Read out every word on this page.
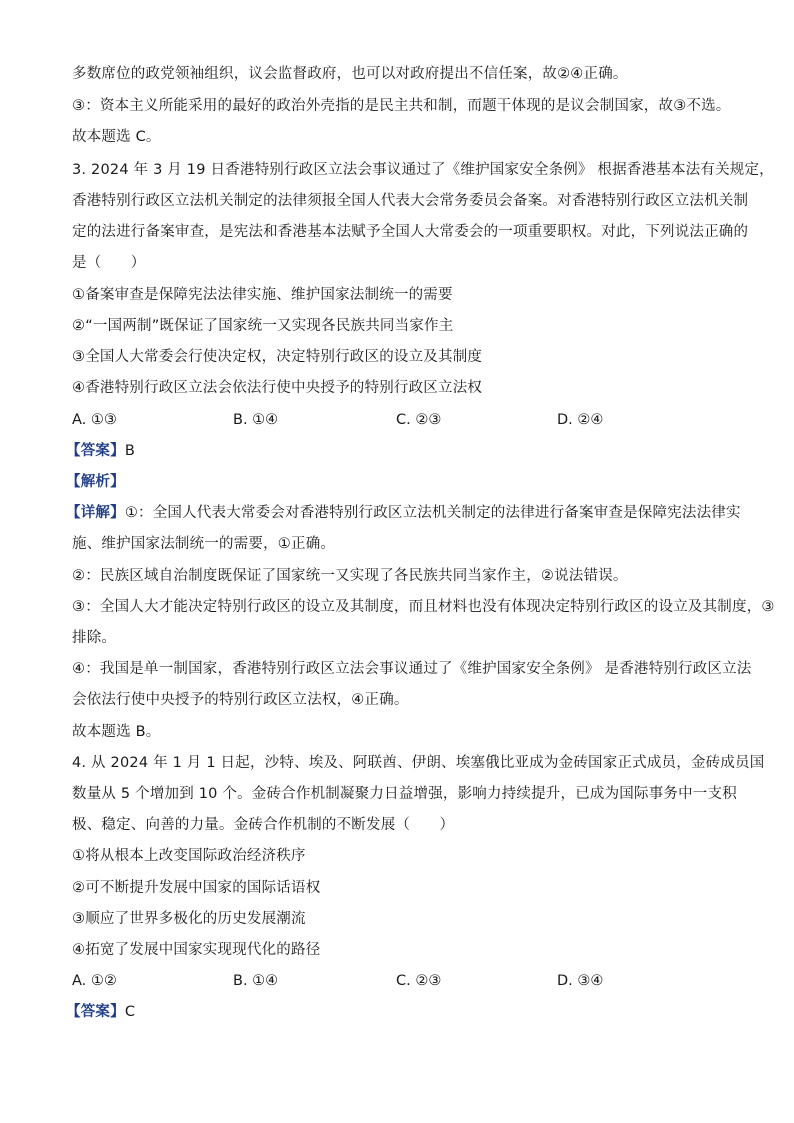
多数席位的政党领袖组织，议会监督政府，也可以对政府提出不信任案，故②④正确。
③：资本主义所能采用的最好的政治外壳指的是民主共和制，而题干体现的是议会制国家，故③不选。
故本题选 C。
3. 2024 年 3 月 19 日香港特别行政区立法会事议通过了《维护国家安全条例》 根据香港基本法有关规定，
香港特别行政区立法机关制定的法律须报全国人代表大会常务委员会备案。对香港特别行政区立法机关制
定的法进行备案审查，是宪法和香港基本法赋予全国人大常委会的一项重要职权。对此，下列说法正确的
是（　　）
①备案审查是保障宪法法律实施、维护国家法制统一的需要
②“一国两制”既保证了国家统一又实现各民族共同当家作主
③全国人大常委会行使决定权，决定特别行政区的设立及其制度
④香港特别行政区立法会依法行使中央授予的特别行政区立法权
A. ①③	B. ①④	C. ②③	D. ②④
【答案】B
【解析】
【详解】①：全国人代表大常委会对香港特别行政区立法机关制定的法律进行备案审查是保障宪法法律实
施、维护国家法制统一的需要，①正确。
②：民族区域自治制度既保证了国家统一又实现了各民族共同当家作主，②说法错误。
③：全国人大才能决定特别行政区的设立及其制度，而且材料也没有体现决定特别行政区的设立及其制度，③
排除。
④：我国是单一制国家，香港特别行政区立法会事议通过了《维护国家安全条例》 是香港特别行政区立法
会依法行使中央授予的特别行政区立法权，④正确。
故本题选 B。
4. 从 2024 年 1 月 1 日起，沙特、埃及、阿联酋、伊朗、埃塞俄比亚成为金砖国家正式成员，金砖成员国
数量从 5 个增加到 10 个。金砖合作机制凝聚力日益增强，影响力持续提升，已成为国际事务中一支积
极、稳定、向善的力量。金砖合作机制的不断发展（　　）
①将从根本上改变国际政治经济秩序
②可不断提升发展中国家的国际话语权
③顺应了世界多极化的历史发展潮流
④拓宽了发展中国家实现现代化的路径
A. ①②	B. ①④	C. ②③	D. ③④
【答案】C
